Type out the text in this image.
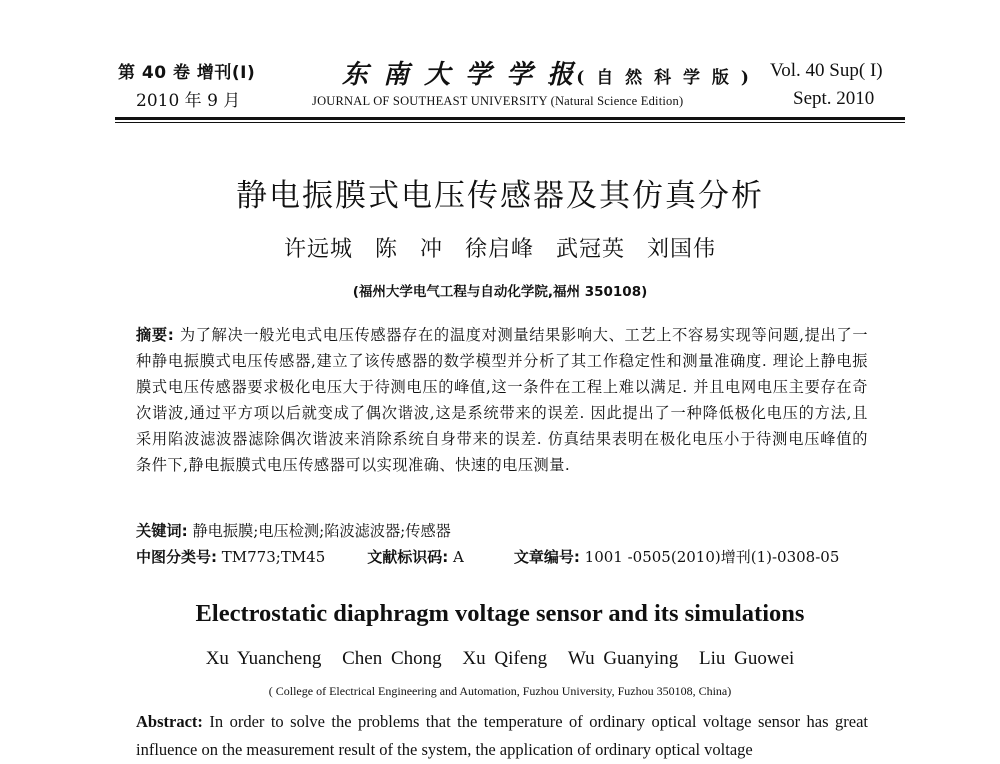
第 40 卷 增刊(I)
2010 年 9 月
东 南 大 学 学 报( 自 然 科 学 版 )
JOURNAL OF SOUTHEAST UNIVERSITY (Natural Science Edition)
Vol. 40 Sup( I)
Sept. 2010
静电振膜式电压传感器及其仿真分析
许远城 陈 冲 徐启峰 武冠英 刘国伟
(福州大学电气工程与自动化学院,福州 350108)
摘要: 为了解决一般光电式电压传感器存在的温度对测量结果影响大、工艺上不容易实现等问题,提出了一种静电振膜式电压传感器,建立了该传感器的数学模型并分析了其工作稳定性和测量准确度. 理论上静电振膜式电压传感器要求极化电压大于待测电压的峰值,这一条件在工程上难以满足. 并且电网电压主要存在奇次谐波,通过平方项以后就变成了偶次谐波,这是系统带来的误差. 因此提出了一种降低极化电压的方法,且采用陷波滤波器滤除偶次谐波来消除系统自身带来的误差. 仿真结果表明在极化电压小于待测电压峰值的条件下,静电振膜式电压传感器可以实现准确、快速的电压测量.
关键词: 静电振膜;电压检测;陷波滤波器;传感器
中图分类号: TM773;TM45	文献标识码: A	文章编号: 1001 -0505(2010)增刊(1)-0308-05
Electrostatic diaphragm voltage sensor and its simulations
Xu Yuancheng Chen Chong Xu Qifeng Wu Guanying Liu Guowei
( College of Electrical Engineering and Automation, Fuzhou University, Fuzhou 350108, China)
Abstract: In order to solve the problems that the temperature of ordinary optical voltage sensor has great influence on the measurement result of the system, the application of ordinary optical voltage
